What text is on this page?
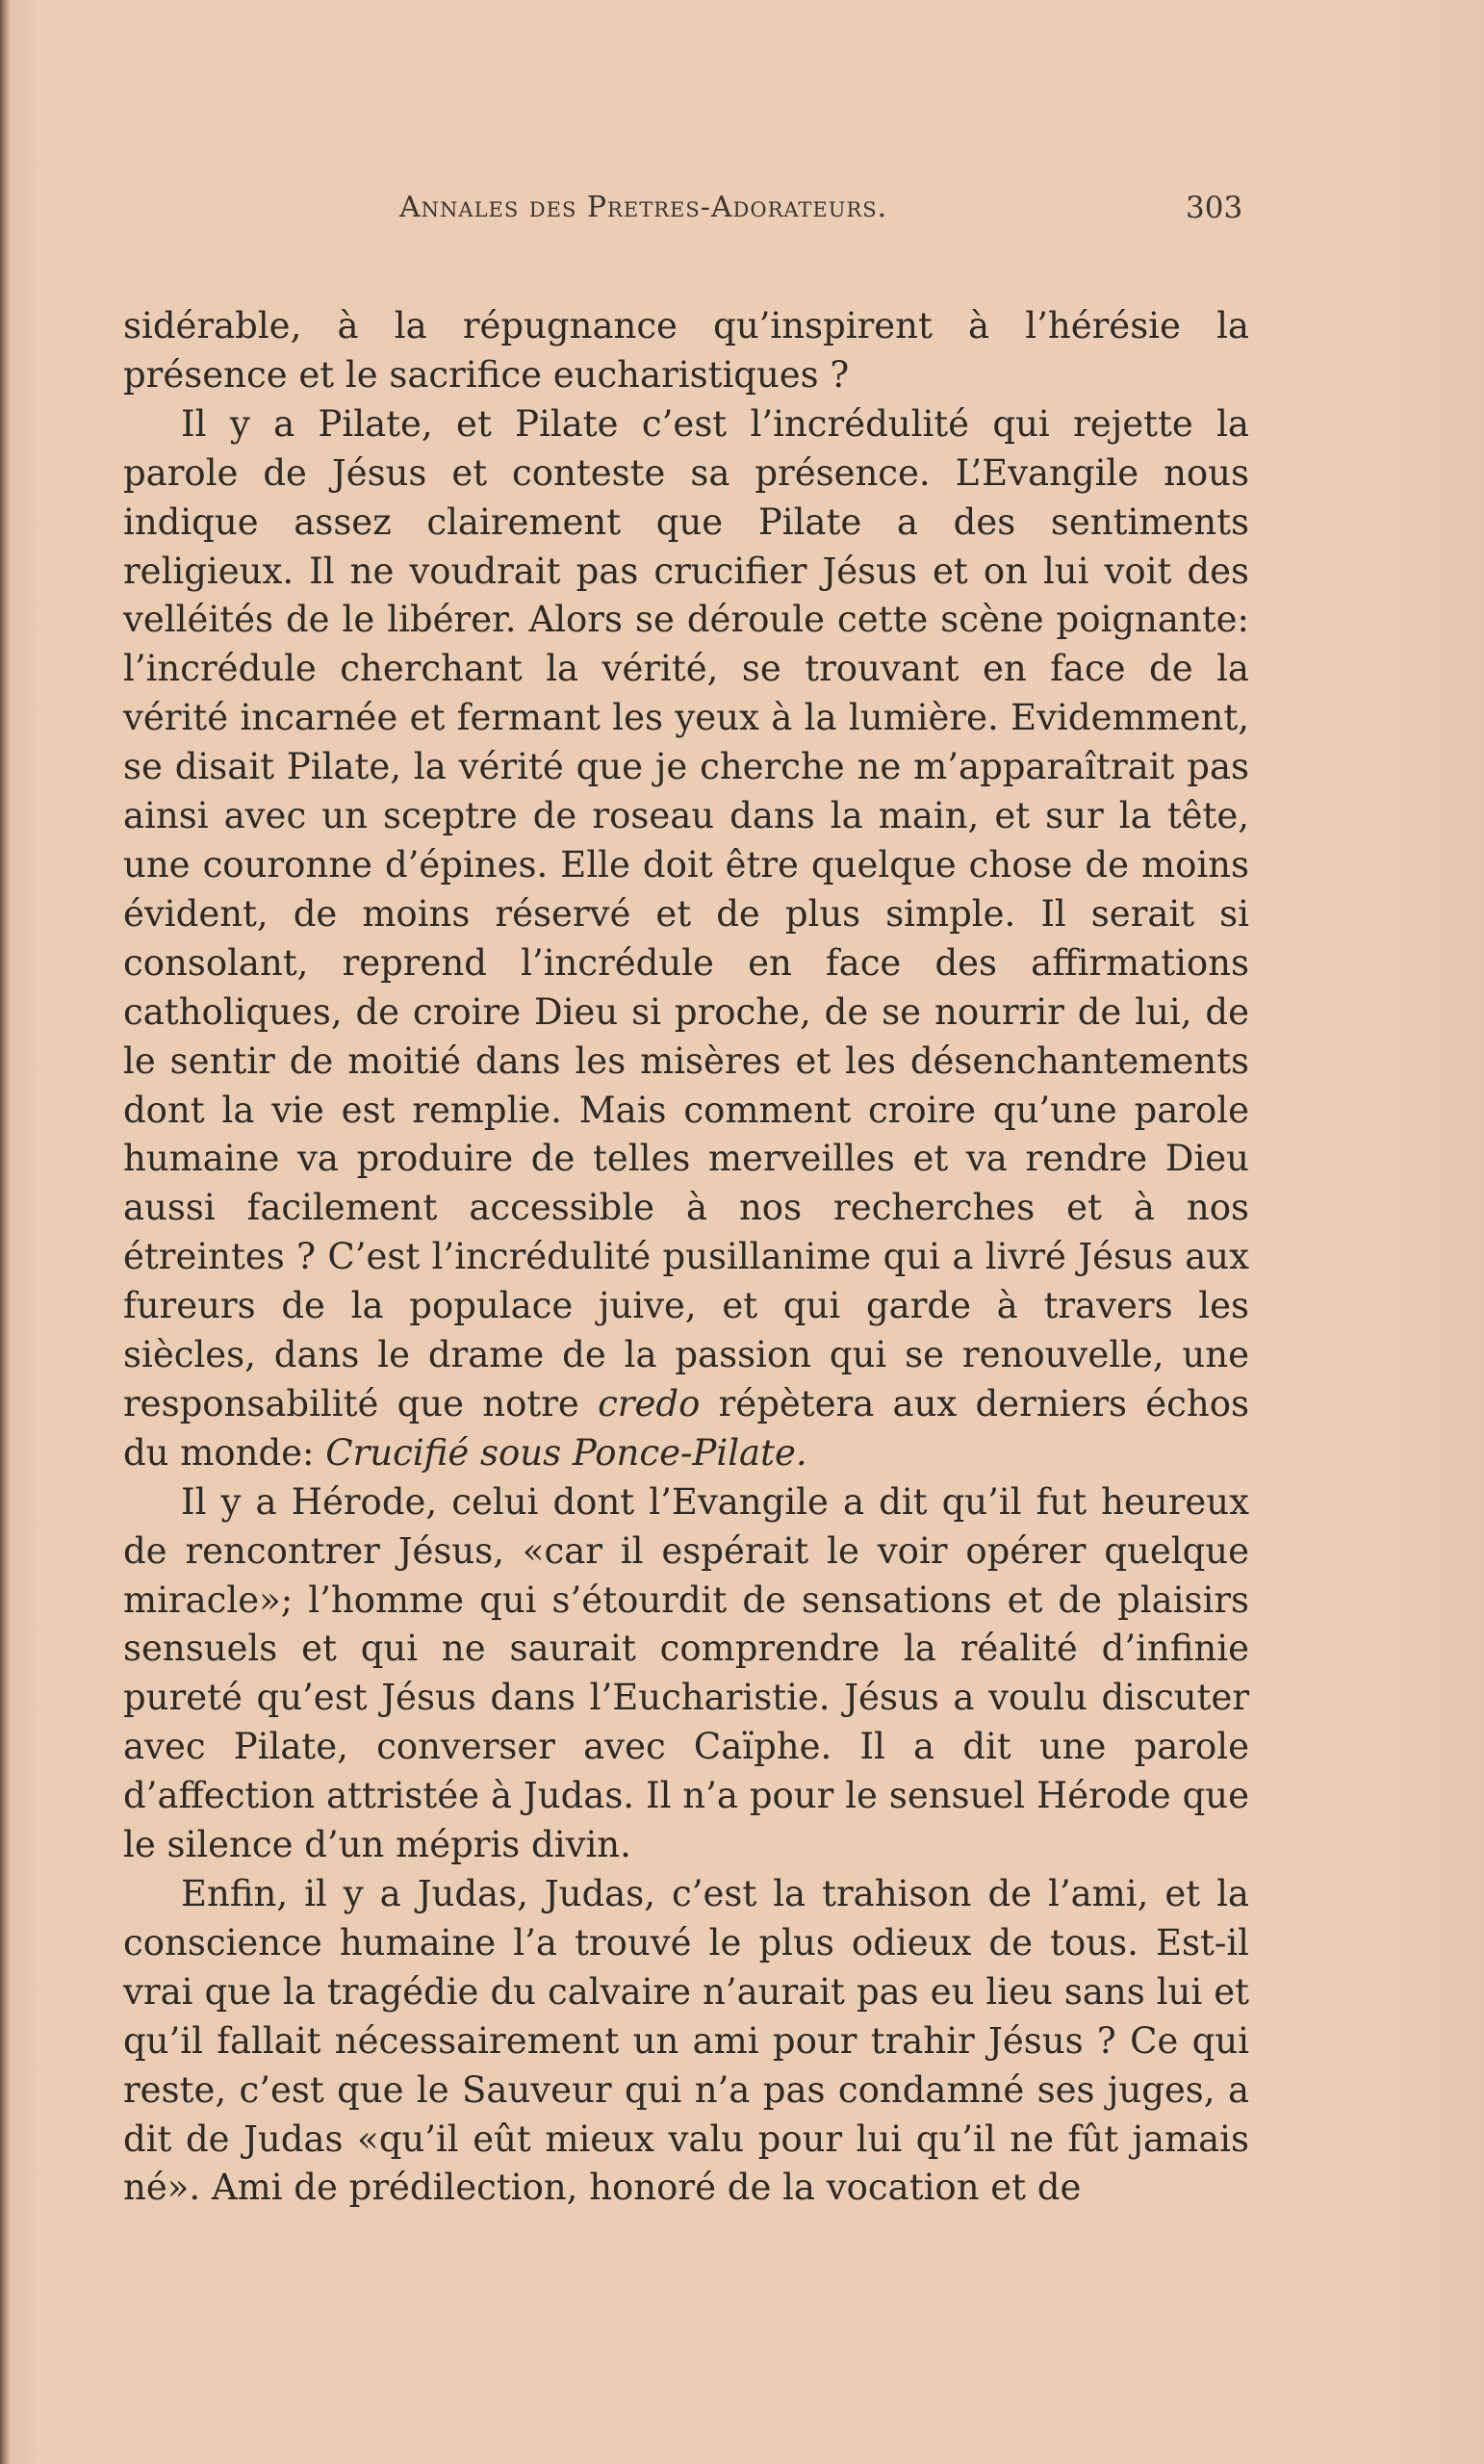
Annales des Pretres-Adorateurs.	303

sidérable, à la répugnance qu’inspirent à l’hérésie la présence et le sacrifice eucharistiques ?

Il y a Pilate, et Pilate c’est l’incrédulité qui rejette la parole de Jésus et conteste sa présence. L’Evangile nous indique assez clairement que Pilate a des sentiments religieux. Il ne voudrait pas crucifier Jésus et on lui voit des velléités de le libérer. Alors se déroule cette scène poignante: l’incrédule cherchant la vérité, se trouvant en face de la vérité incarnée et fermant les yeux à la lumière. Evidemment, se disait Pilate, la vérité que je cherche ne m’apparaîtrait pas ainsi avec un sceptre de roseau dans la main, et sur la tête, une couronne d’épines. Elle doit être quelque chose de moins évident, de moins réservé et de plus simple. Il serait si consolant, reprend l’incrédule en face des affirmations catholiques, de croire Dieu si proche, de se nourrir de lui, de le sentir de moitié dans les misères et les désenchantements dont la vie est remplie. Mais comment croire qu’une parole humaine va produire de telles merveilles et va rendre Dieu aussi facilement accessible à nos recherches et à nos étreintes ? C’est l’incrédulité pusillanime qui a livré Jésus aux fureurs de la populace juive, et qui garde à travers les siècles, dans le drame de la passion qui se renouvelle, une responsabilité que notre credo répètera aux derniers échos du monde: Crucifié sous Ponce-Pilate.

Il y a Hérode, celui dont l’Evangile a dit qu’il fut heureux de rencontrer Jésus, «car il espérait le voir opérer quelque miracle»; l’homme qui s’étourdit de sensations et de plaisirs sensuels et qui ne saurait comprendre la réalité d’infinie pureté qu’est Jésus dans l’Eucharistie. Jésus a voulu discuter avec Pilate, converser avec Caïphe. Il a dit une parole d’affection attristée à Judas. Il n’a pour le sensuel Hérode que le silence d’un mépris divin.

Enfin, il y a Judas, Judas, c’est la trahison de l’ami, et la conscience humaine l’a trouvé le plus odieux de tous. Est-il vrai que la tragédie du calvaire n’aurait pas eu lieu sans lui et qu’il fallait nécessairement un ami pour trahir Jésus ? Ce qui reste, c’est que le Sauveur qui n’a pas condamné ses juges, a dit de Judas «qu’il eût mieux valu pour lui qu’il ne fût jamais né». Ami de prédilection, honoré de la vocation et de
